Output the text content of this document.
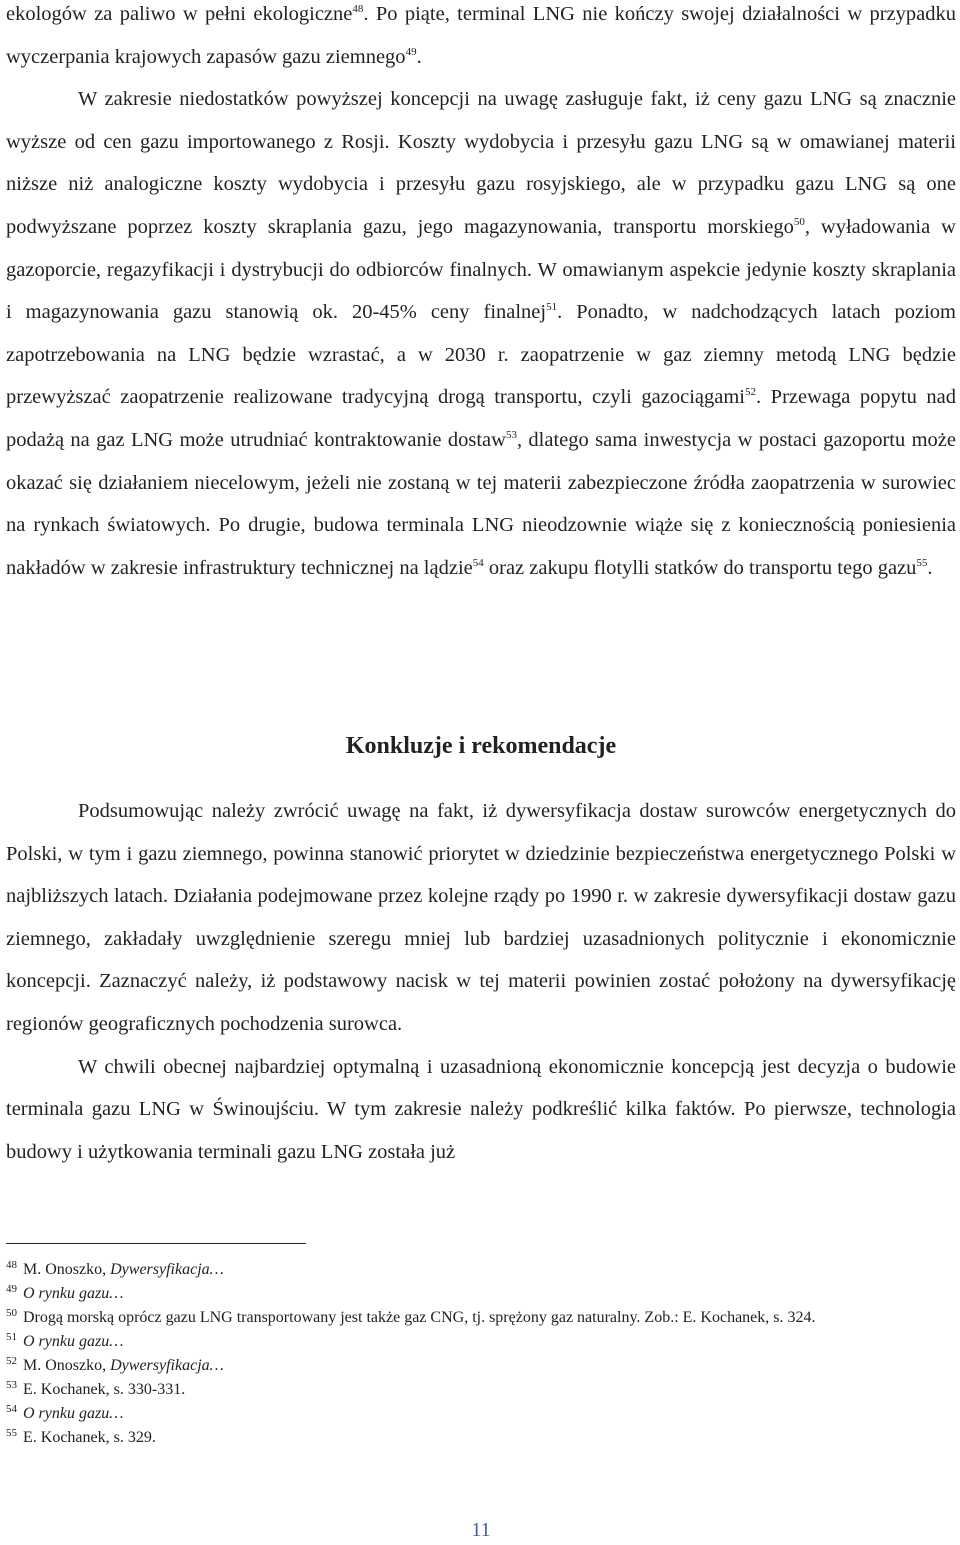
ekologów za paliwo w pełni ekologiczne$^{48}$. Po piąte, terminal LNG nie kończy swojej działalności w przypadku wyczerpania krajowych zapasów gazu ziemnego$^{49}$.

W zakresie niedostatków powyższej koncepcji na uwagę zasługuje fakt, iż ceny gazu LNG są znacznie wyższe od cen gazu importowanego z Rosji. Koszty wydobycia i przesyłu gazu LNG są w omawianej materii niższe niż analogiczne koszty wydobycia i przesyłu gazu rosyjskiego, ale w przypadku gazu LNG są one podwyższane poprzez koszty skraplania gazu, jego magazynowania, transportu morskiego$^{50}$, wyładowania w gazoporcie, regazyfikacji i dystrybucji do odbiorców finalnych. W omawianym aspekcie jedynie koszty skraplania i magazynowania gazu stanowią ok. 20-45% ceny finalnej$^{51}$. Ponadto, w nadchodzących latach poziom zapotrzebowania na LNG będzie wzrastać, a w 2030 r. zaopatrzenie w gaz ziemny metodą LNG będzie przewyższać zaopatrzenie realizowane tradycyjną drogą transportu, czyli gazociągami$^{52}$. Przewaga popytu nad podażą na gaz LNG może utrudniać kontraktowanie dostaw$^{53}$, dlatego sama inwestycja w postaci gazoportu może okazać się działaniem niecelowym, jeżeli nie zostaną w tej materii zabezpieczone źródła zaopatrzenia w surowiec na rynkach światowych. Po drugie, budowa terminala LNG nieodzownie wiąże się z koniecznością poniesienia nakładów w zakresie infrastruktury technicznej na lądzie$^{54}$ oraz zakupu flotylli statków do transportu tego gazu$^{55}$.

Konkluzje i rekomendacje

Podsumowując należy zwrócić uwagę na fakt, iż dywersyfikacja dostaw surowców energetycznych do Polski, w tym i gazu ziemnego, powinna stanowić priorytet w dziedzinie bezpieczeństwa energetycznego Polski w najbliższych latach. Działania podejmowane przez kolejne rządy po 1990 r. w zakresie dywersyfikacji dostaw gazu ziemnego, zakładały uwzględnienie szeregu mniej lub bardziej uzasadnionych politycznie i ekonomicznie koncepcji. Zaznaczyć należy, iż podstawowy nacisk w tej materii powinien zostać położony na dywersyfikację regionów geograficznych pochodzenia surowca.

W chwili obecnej najbardziej optymalną i uzasadnioną ekonomicznie koncepcją jest decyzja o budowie terminala gazu LNG w Świnoujściu. W tym zakresie należy podkreślić kilka faktów. Po pierwsze, technologia budowy i użytkowania terminali gazu LNG została już

$^{48}$ M. Onoszko, Dywersyfikacja…

$^{49}$ O rynku gazu…

$^{50}$ Drogą morską oprócz gazu LNG transportowany jest także gaz CNG, tj. sprężony gaz naturalny. Zob.: E. Kochanek, s. 324.

$^{51}$ O rynku gazu…

$^{52}$ M. Onoszko, Dywersyfikacja…

$^{53}$ E. Kochanek, s. 330-331.

$^{54}$ O rynku gazu…

$^{55}$ E. Kochanek, s. 329.

11
